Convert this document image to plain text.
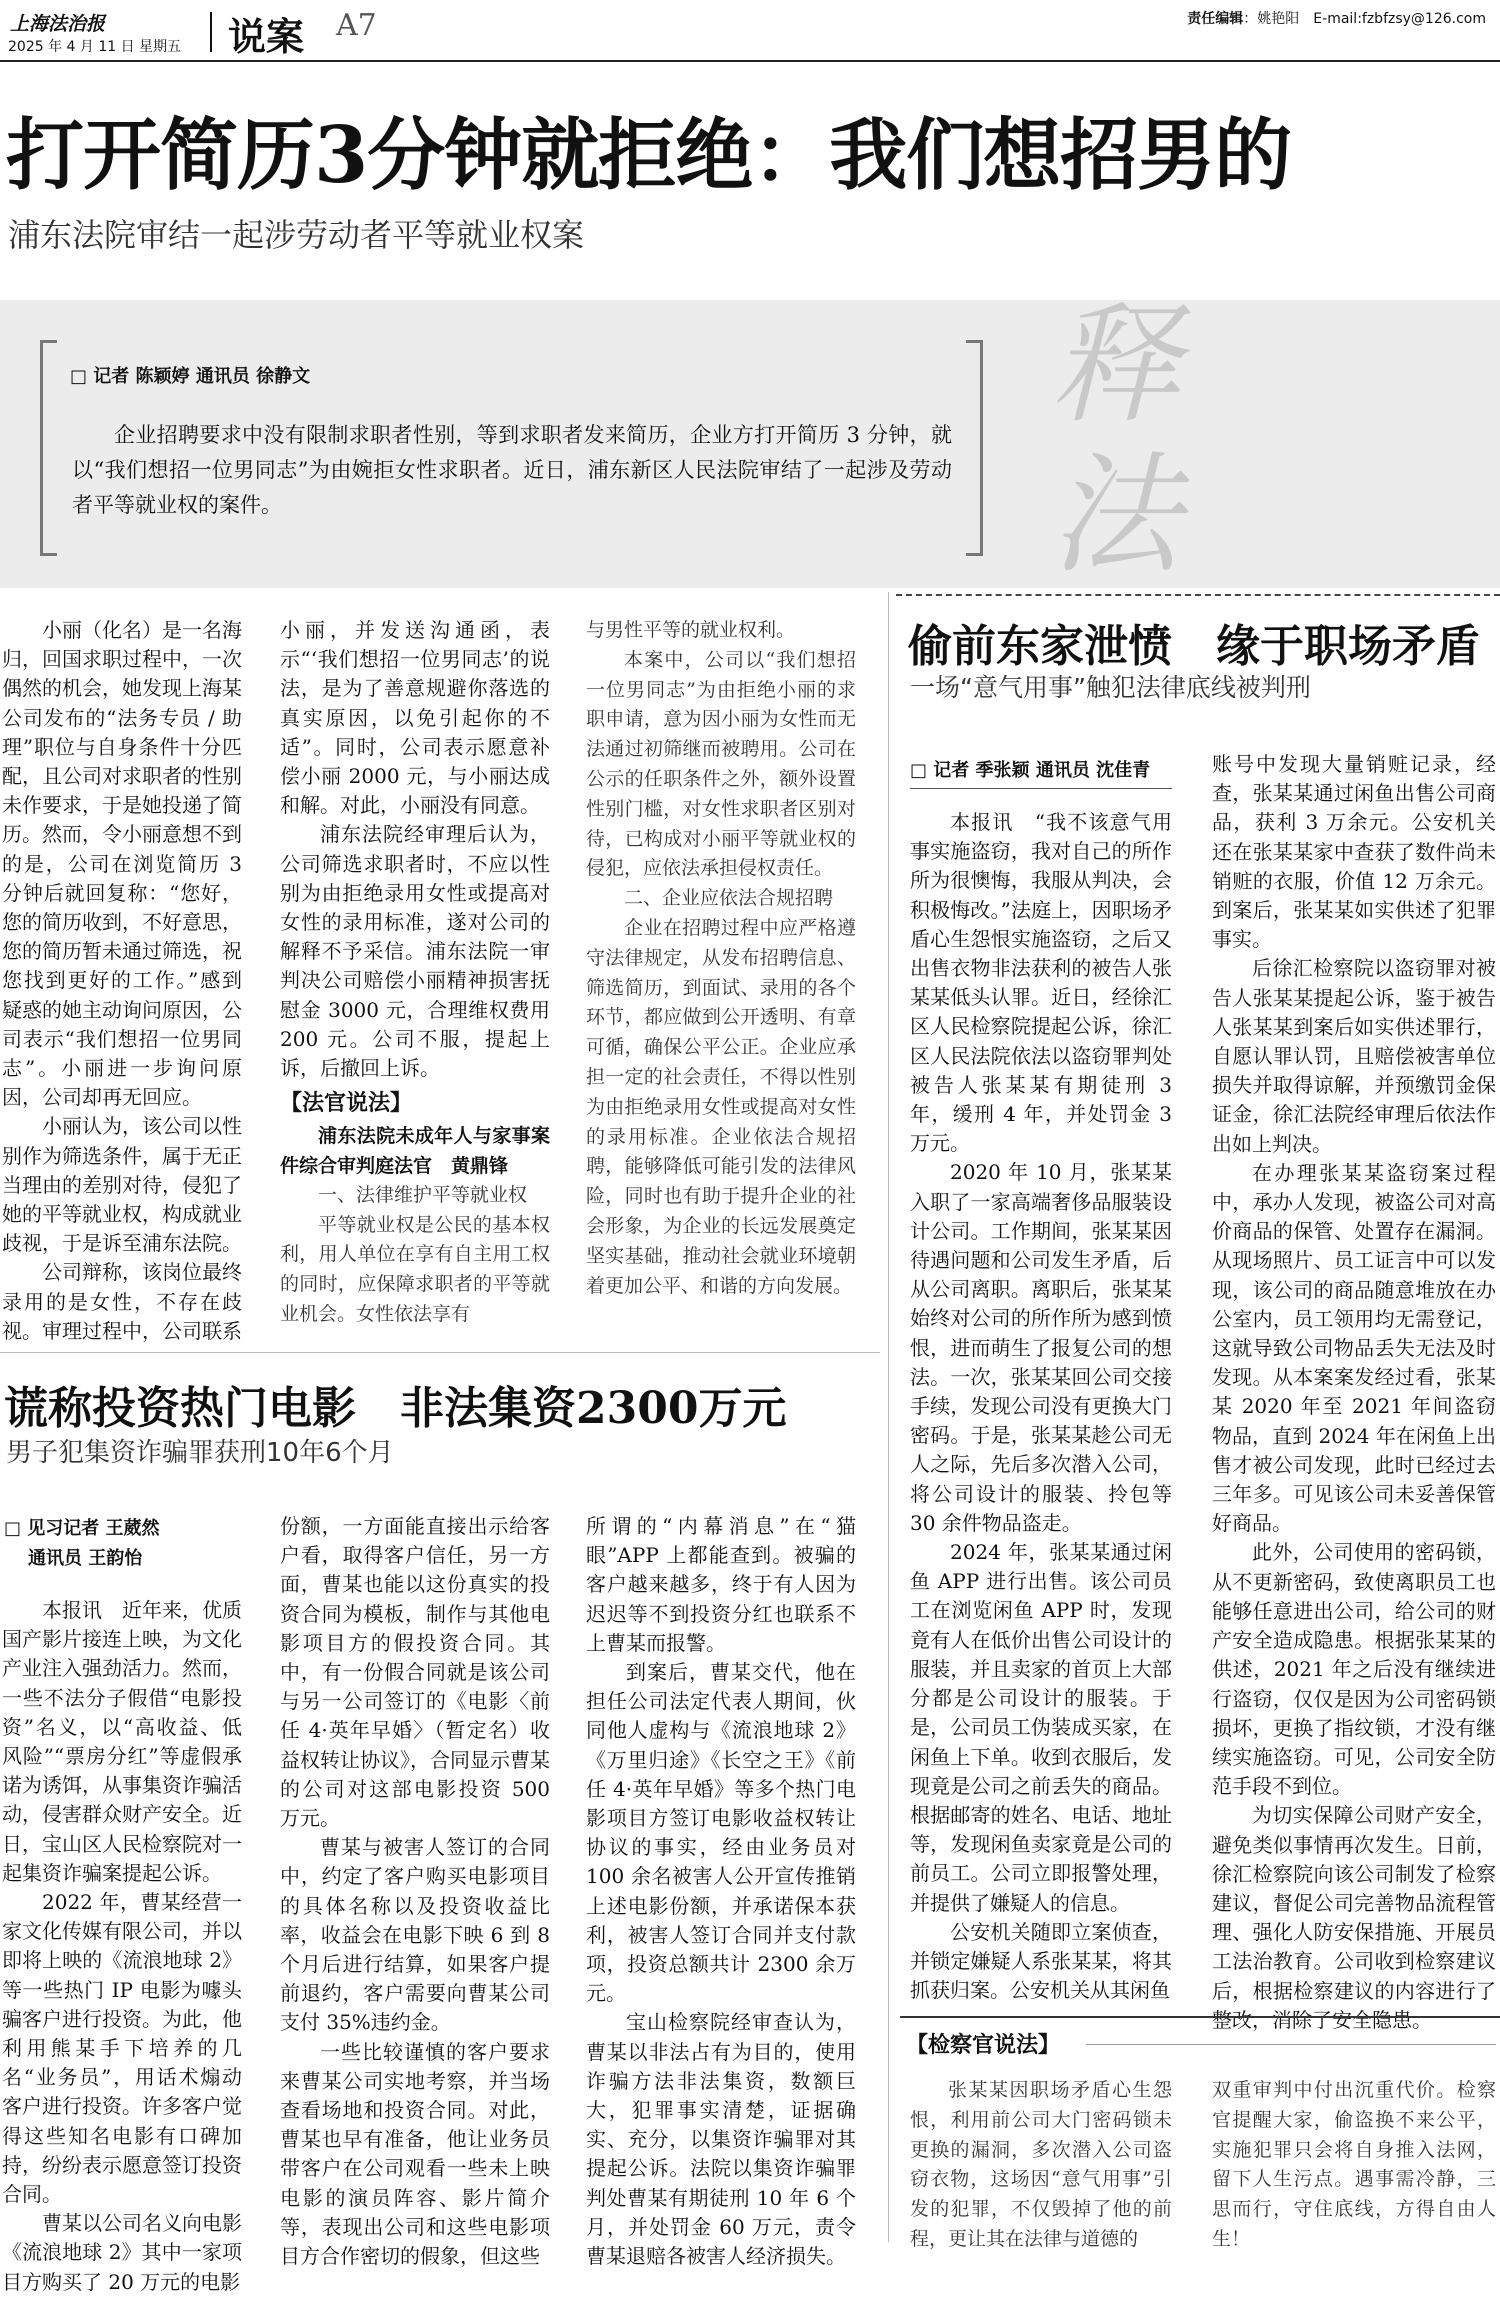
上海法治报
2025 年 4 月 11 日 星期五 说案 A7	责任编辑：姚艳阳　 E-mail:fzbfzsy@126.com
打开简历3分钟就拒绝：我们想招男的
浦东法院审结一起涉劳动者平等就业权案
释法
□ 记者 陈颖婷 通讯员 徐静文
企业招聘要求中没有限制求职者性别，等到求职者发来简历，企业方打开简历 3 分钟，就以“我们想招一位男同志”为由婉拒女性求职者。近日，浦东新区人民法院审结了一起涉及劳动者平等就业权的案件。

小丽（化名）是一名海归，回国求职过程中，一次偶然的机会，她发现上海某公司发布的“法务专员 / 助理”职位与自身条件十分匹配，且公司对求职者的性别未作要求，于是她投递了简历。然而，令小丽意想不到的是，公司在浏览简历 3 分钟后就回复称：“您好，您的简历收到，不好意思，您的简历暂未通过筛选，祝您找到更好的工作。”感到疑惑的她主动询问原因，公司表示“我们想招一位男同志”。小丽进一步询问原因，公司却再无回应。

小丽认为，该公司以性别作为筛选条件，属于无正当理由的差别对待，侵犯了她的平等就业权，构成就业歧视，于是诉至浦东法院。

公司辩称，该岗位最终录用的是女性，不存在歧视。审理过程中，公司联系

小丽，并发送沟通函，表示“‘我们想招一位男同志’的说法，是为了善意规避你落选的真实原因，以免引起你的不适”。同时，公司表示愿意补偿小丽 2000 元，与小丽达成和解。对此，小丽没有同意。

浦东法院经审理后认为，公司筛选求职者时，不应以性别为由拒绝录用女性或提高对女性的录用标准，遂对公司的解释不予采信。浦东法院一审判决公司赔偿小丽精神损害抚慰金 3000 元，合理维权费用 200 元。公司不服，提起上诉，后撤回上诉。

【法官说法】

浦东法院未成年人与家事案件综合审判庭法官　黄鼎锋

一、法律维护平等就业权

平等就业权是公民的基本权利，用人单位在享有自主用工权的同时，应保障求职者的平等就业机会。女性依法享有

与男性平等的就业权利。

本案中，公司以“我们想招一位男同志”为由拒绝小丽的求职申请，意为因小丽为女性而无法通过初筛继而被聘用。公司在公示的任职条件之外，额外设置性别门槛，对女性求职者区别对待，已构成对小丽平等就业权的侵犯，应依法承担侵权责任。

二、企业应依法合规招聘

企业在招聘过程中应严格遵守法律规定，从发布招聘信息、筛选简历，到面试、录用的各个环节，都应做到公开透明、有章可循，确保公平公正。企业应承担一定的社会责任，不得以性别为由拒绝录用女性或提高对女性的录用标准。企业依法合规招聘，能够降低可能引发的法律风险，同时也有助于提升企业的社会形象，为企业的长远发展奠定坚实基础，推动社会就业环境朝着更加公平、和谐的方向发展。

谎称投资热门电影　非法集资2300万元
男子犯集资诈骗罪获刑10年6个月
□ 见习记者 王葳然
通讯员 王韵怡

本报讯　近年来，优质国产影片接连上映，为文化产业注入强劲活力。然而，一些不法分子假借“电影投资”名义，以“高收益、低风险”“票房分红”等虚假承诺为诱饵，从事集资诈骗活动，侵害群众财产安全。近日，宝山区人民检察院对一起集资诈骗案提起公诉。

2022 年，曹某经营一家文化传媒有限公司，并以即将上映的《流浪地球 2》等一些热门 IP 电影为噱头骗客户进行投资。为此，他利用熊某手下培养的几名“业务员”，用话术煽动客户进行投资。许多客户觉得这些知名电影有口碑加持，纷纷表示愿意签订投资合同。

曹某以公司名义向电影《流浪地球 2》其中一家项目方购买了 20 万元的电影

份额，一方面能直接出示给客户看，取得客户信任，另一方面，曹某也能以这份真实的投资合同为模板，制作与其他电影项目方的假投资合同。其中，有一份假合同就是该公司与另一公司签订的《电影〈前任 4·英年早婚〉（暂定名）收益权转让协议》，合同显示曹某的公司对这部电影投资 500 万元。

曹某与被害人签订的合同中，约定了客户购买电影项目的具体名称以及投资收益比率，收益会在电影下映 6 到 8 个月后进行结算，如果客户提前退约，客户需要向曹某公司支付 35%违约金。

一些比较谨慎的客户要求来曹某公司实地考察，并当场查看场地和投资合同。对此，曹某也早有准备，他让业务员带客户在公司观看一些未上映电影的演员阵容、影片简介等，表现出公司和这些电影项目方合作密切的假象，但这些

所谓的“内幕消息”在“猫眼”APP 上都能查到。被骗的客户越来越多，终于有人因为迟迟等不到投资分红也联系不上曹某而报警。

到案后，曹某交代，他在担任公司法定代表人期间，伙同他人虚构与《流浪地球 2》《万里归途》《长空之王》《前任 4·英年早婚》等多个热门电影项目方签订电影收益权转让协议的事实，经由业务员对 100 余名被害人公开宣传推销上述电影份额，并承诺保本获利，被害人签订合同并支付款项，投资总额共计 2300 余万元。

宝山检察院经审查认为，曹某以非法占有为目的，使用诈骗方法非法集资，数额巨大，犯罪事实清楚，证据确实、充分，以集资诈骗罪对其提起公诉。法院以集资诈骗罪判处曹某有期徒刑 10 年 6 个月，并处罚金 60 万元，责令曹某退赔各被害人经济损失。

偷前东家泄愤　缘于职场矛盾
一场“意气用事”触犯法律底线被判刑
□ 记者 季张颖 通讯员 沈佳青

本报讯　“我不该意气用事实施盗窃，我对自己的所作所为很懊悔，我服从判决，会积极悔改。”法庭上，因职场矛盾心生怨恨实施盗窃，之后又出售衣物非法获利的被告人张某某低头认罪。近日，经徐汇区人民检察院提起公诉，徐汇区人民法院依法以盗窃罪判处被告人张某某有期徒刑 3 年，缓刑 4 年，并处罚金 3 万元。

2020 年 10 月，张某某入职了一家高端奢侈品服装设计公司。工作期间，张某某因待遇问题和公司发生矛盾，后从公司离职。离职后，张某某始终对公司的所作所为感到愤恨，进而萌生了报复公司的想法。一次，张某某回公司交接手续，发现公司没有更换大门密码。于是，张某某趁公司无人之际，先后多次潜入公司，将公司设计的服装、拎包等 30 余件物品盗走。

2024 年，张某某通过闲鱼 APP 进行出售。该公司员工在浏览闲鱼 APP 时，发现竟有人在低价出售公司设计的服装，并且卖家的首页上大部分都是公司设计的服装。于是，公司员工伪装成买家，在闲鱼上下单。收到衣服后，发现竟是公司之前丢失的商品。根据邮寄的姓名、电话、地址等，发现闲鱼卖家竟是公司的前员工。公司立即报警处理，并提供了嫌疑人的信息。

公安机关随即立案侦查，并锁定嫌疑人系张某某，将其抓获归案。公安机关从其闲鱼

账号中发现大量销赃记录，经查，张某某通过闲鱼出售公司商品，获利 3 万余元。公安机关还在张某某家中查获了数件尚未销赃的衣服，价值 12 万余元。到案后，张某某如实供述了犯罪事实。

后徐汇检察院以盗窃罪对被告人张某某提起公诉，鉴于被告人张某某到案后如实供述罪行，自愿认罪认罚，且赔偿被害单位损失并取得谅解，并预缴罚金保证金，徐汇法院经审理后依法作出如上判决。

在办理张某某盗窃案过程中，承办人发现，被盗公司对高价商品的保管、处置存在漏洞。从现场照片、员工证言中可以发现，该公司的商品随意堆放在办公室内，员工领用均无需登记，这就导致公司物品丢失无法及时发现。从本案案发经过看，张某某 2020 年至 2021 年间盗窃物品，直到 2024 年在闲鱼上出售才被公司发现，此时已经过去三年多。可见该公司未妥善保管好商品。

此外，公司使用的密码锁，从不更新密码，致使离职员工也能够任意进出公司，给公司的财产安全造成隐患。根据张某某的供述，2021 年之后没有继续进行盗窃，仅仅是因为公司密码锁损坏，更换了指纹锁，才没有继续实施盗窃。可见，公司安全防范手段不到位。

为切实保障公司财产安全，避免类似事情再次发生。日前，徐汇检察院向该公司制发了检察建议，督促公司完善物品流程管理、强化人防安保措施、开展员工法治教育。公司收到检察建议后，根据检察建议的内容进行了整改，消除了安全隐患。

【检察官说法】
张某某因职场矛盾心生怨恨，利用前公司大门密码锁未更换的漏洞，多次潜入公司盗窃衣物，这场因“意气用事”引发的犯罪，不仅毁掉了他的前程，更让其在法律与道德的
双重审判中付出沉重代价。检察官提醒大家，偷盗换不来公平，实施犯罪只会将自身推入法网，留下人生污点。遇事需冷静，三思而行，守住底线，方得自由人生！
